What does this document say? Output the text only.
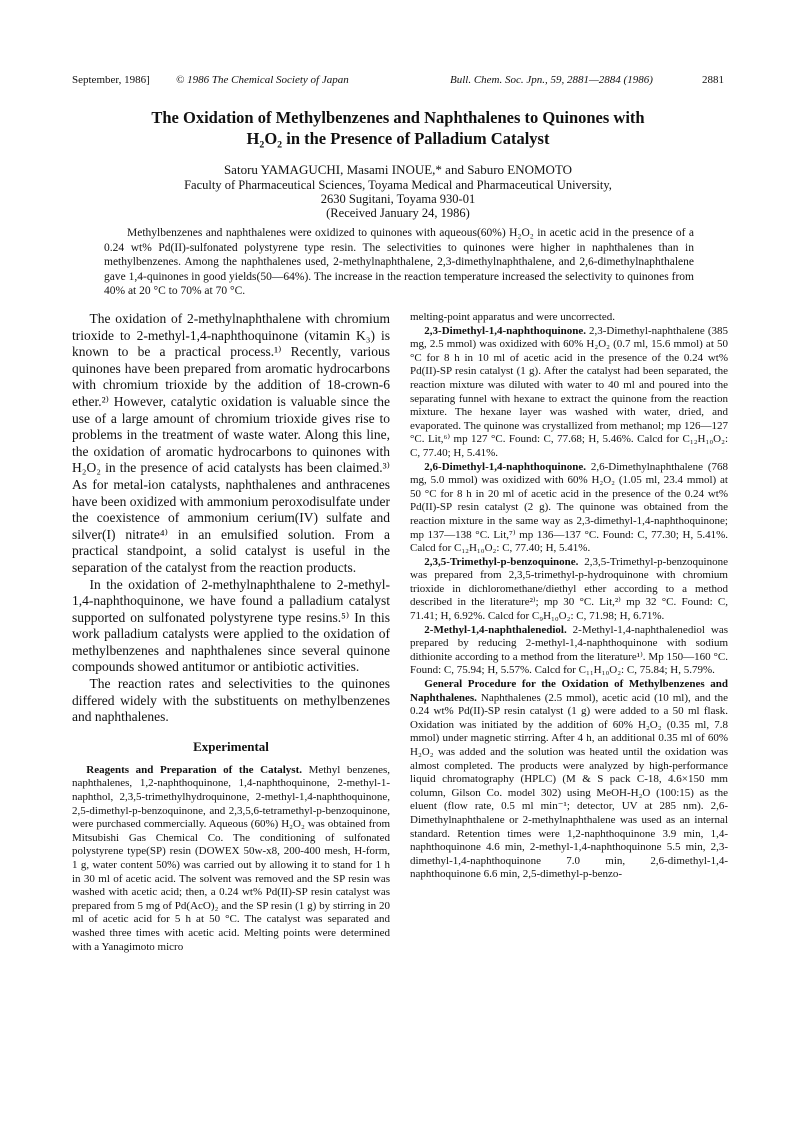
September, 1986] © 1986 The Chemical Society of Japan	Bull. Chem. Soc. Jpn., 59, 2881—2884 (1986)	2881
The Oxidation of Methylbenzenes and Naphthalenes to Quinones with
H₂O₂ in the Presence of Palladium Catalyst
Satoru YAMAGUCHI, Masami INOUE,* and Saburo ENOMOTO
Faculty of Pharmaceutical Sciences, Toyama Medical and Pharmaceutical University,
2630 Sugitani, Toyama 930-01
(Received January 24, 1986)

Methylbenzenes and naphthalenes were oxidized to quinones with aqueous(60%) H₂O₂ in acetic acid in the presence of a 0.24 wt% Pd(II)-sulfonated polystyrene type resin. The selectivities to quinones were higher in naphthalenes than in methylbenzenes. Among the naphthalenes used, 2-methylnaphthalene, 2,3-dimethylnaphthalene, and 2,6-dimethylnaphthalene gave 1,4-quinones in good yields(50—64%). The increase in the reaction temperature increased the selectivity to quinones from 40% at 20 °C to 70% at 70 °C.

The oxidation of 2-methylnaphthalene with chromium trioxide to 2-methyl-1,4-naphthoquinone (vitamin K₃) is known to be a practical process.¹⁾ Recently, various quinones have been prepared from aromatic hydrocarbons with chromium trioxide by the addition of 18-crown-6 ether.²⁾ However, catalytic oxidation is valuable since the use of a large amount of chromium trioxide gives rise to problems in the treatment of waste water. Along this line, the oxidation of aromatic hydrocarbons to quinones with H₂O₂ in the presence of acid catalysts has been claimed.³⁾ As for metal-ion catalysts, naphthalenes and anthracenes have been oxidized with ammonium peroxodisulfate under the coexistence of ammonium cerium(IV) sulfate and silver(I) nitrate⁴⁾ in an emulsified solution. From a practical standpoint, a solid catalyst is useful in the separation of the catalyst from the reaction products.

In the oxidation of 2-methylnaphthalene to 2-methyl-1,4-naphthoquinone, we have found a palladium catalyst supported on sulfonated polystyrene type resins.⁵⁾ In this work palladium catalysts were applied to the oxidation of methylbenzenes and naphthalenes since several quinone compounds showed antitumor or antibiotic activities.

The reaction rates and selectivities to the quinones differed widely with the substituents on methylbenzenes and naphthalenes.

Experimental

Reagents and Preparation of the Catalyst. Methyl benzenes, naphthalenes, 1,2-naphthoquinone, 1,4-naphthoquinone, 2-methyl-1-naphthol, 2,3,5-trimethylhydroquinone, 2-methyl-1,4-naphthoquinone, 2,5-dimethyl-p-benzoquinone, and 2,3,5,6-tetramethyl-p-benzoquinone, were purchased commercially. Aqueous (60%) H₂O₂ was obtained from Mitsubishi Gas Chemical Co. The conditioning of sulfonated polystyrene type(SP) resin (DOWEX 50w-x8, 200-400 mesh, H-form, 1 g, water content 50%) was carried out by allowing it to stand for 1 h in 30 ml of acetic acid. The solvent was removed and the SP resin was washed with acetic acid; then, a 0.24 wt% Pd(II)-SP resin catalyst was prepared from 5 mg of Pd(AcO)₂ and the SP resin (1 g) by stirring in 20 ml of acetic acid for 5 h at 50 °C. The catalyst was separated and washed three times with acetic acid. Melting points were determined with a Yanagimoto micro

melting-point apparatus and were uncorrected.

2,3-Dimethyl-1,4-naphthoquinone. 2,3-Dimethyl-naphthalene (385 mg, 2.5 mmol) was oxidized with 60% H₂O₂ (0.7 ml, 15.6 mmol) at 50 °C for 8 h in 10 ml of acetic acid in the presence of the 0.24 wt% Pd(II)-SP resin catalyst (1 g). After the catalyst had been separated, the reaction mixture was diluted with water to 40 ml and poured into the separating funnel with hexane to extract the quinone from the reaction mixture. The hexane layer was washed with water, dried, and evaporated. The quinone was crystallized from methanol; mp 126—127 °C. Lit,⁶⁾ mp 127 °C. Found: C, 77.68; H, 5.46%. Calcd for C₁₂H₁₀O₂: C, 77.40; H, 5.41%.

2,6-Dimethyl-1,4-naphthoquinone. 2,6-Dimethylnaphthalene (768 mg, 5.0 mmol) was oxidized with 60% H₂O₂ (1.05 ml, 23.4 mmol) at 50 °C for 8 h in 20 ml of acetic acid in the presence of the 0.24 wt% Pd(II)-SP resin catalyst (2 g). The quinone was obtained from the reaction mixture in the same way as 2,3-dimethyl-1,4-naphthoquinone; mp 137—138 °C. Lit,⁷⁾ mp 136—137 °C. Found: C, 77.30; H, 5.41%. Calcd for C₁₂H₁₀O₂: C, 77.40; H, 5.41%.

2,3,5-Trimethyl-p-benzoquinone. 2,3,5-Trimethyl-p-benzoquinone was prepared from 2,3,5-trimethyl-p-hydroquinone with chromium trioxide in dichloromethane/diethyl ether according to a method described in the literature²⁾; mp 30 °C. Lit,²⁾ mp 32 °C. Found: C, 71.41; H, 6.92%. Calcd for C₉H₁₀O₂: C, 71.98; H, 6.71%.

2-Methyl-1,4-naphthalenediol. 2-Methyl-1,4-naphthalenediol was prepared by reducing 2-methyl-1,4-naphthoquinone with sodium dithionite according to a method from the literature¹⁾. Mp 150—160 °C. Found: C, 75.94; H, 5.57%. Calcd for C₁₁H₁₀O₂: C, 75.84; H, 5.79%.

General Procedure for the Oxidation of Methylbenzenes and Naphthalenes. Naphthalenes (2.5 mmol), acetic acid (10 ml), and the 0.24 wt% Pd(II)-SP resin catalyst (1 g) were added to a 50 ml flask. Oxidation was initiated by the addition of 60% H₂O₂ (0.35 ml, 7.8 mmol) under magnetic stirring. After 4 h, an additional 0.35 ml of 60% H₂O₂ was added and the solution was heated until the oxidation was almost completed. The products were analyzed by high-performance liquid chromatography (HPLC) (M & S pack C-18, 4.6×150 mm column, Gilson Co. model 302) using MeOH-H₂O (100:15) as the eluent (flow rate, 0.5 ml min⁻¹; detector, UV at 285 nm). 2,6-Dimethylnaphthalene or 2-methylnaphthalene was used as an internal standard. Retention times were 1,2-naphthoquinone 3.9 min, 1,4-naphthoquinone 4.6 min, 2-methyl-1,4-naphthoquinone 5.5 min, 2,3-dimethyl-1,4-naphthoquinone 7.0 min, 2,6-dimethyl-1,4-naphthoquinone 6.6 min, 2,5-dimethyl-p-benzo-
